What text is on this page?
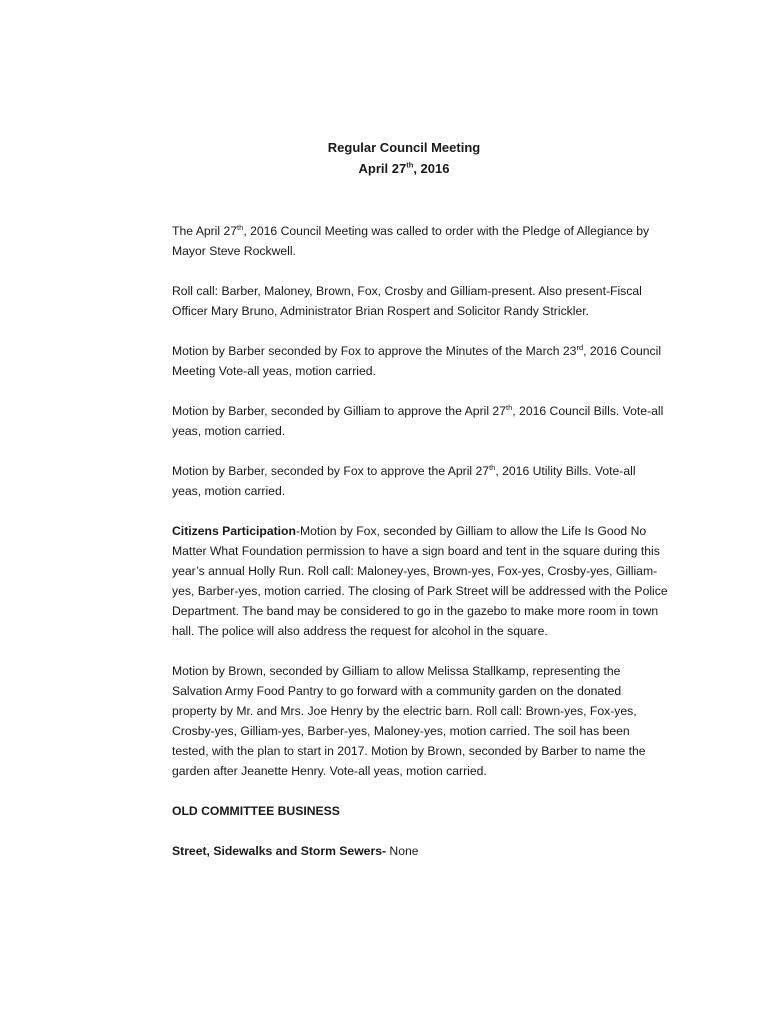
Regular Council Meeting
April 27th, 2016

The April 27th, 2016 Council Meeting was called to order with the Pledge of Allegiance by Mayor Steve Rockwell.

Roll call: Barber, Maloney, Brown, Fox, Crosby and Gilliam-present. Also present-Fiscal Officer Mary Bruno, Administrator Brian Rospert and Solicitor Randy Strickler.

Motion by Barber seconded by Fox to approve the Minutes of the March 23rd, 2016 Council Meeting Vote-all yeas, motion carried.

Motion by Barber, seconded by Gilliam to approve the April 27th, 2016 Council Bills. Vote-all yeas, motion carried.

Motion by Barber, seconded by Fox to approve the April 27th, 2016 Utility Bills. Vote-all yeas, motion carried.

Citizens Participation-Motion by Fox, seconded by Gilliam to allow the Life Is Good No Matter What Foundation permission to have a sign board and tent in the square during this year’s annual Holly Run. Roll call: Maloney-yes, Brown-yes, Fox-yes, Crosby-yes, Gilliam-yes, Barber-yes, motion carried. The closing of Park Street will be addressed with the Police Department. The band may be considered to go in the gazebo to make more room in town hall. The police will also address the request for alcohol in the square.

Motion by Brown, seconded by Gilliam to allow Melissa Stallkamp, representing the Salvation Army Food Pantry to go forward with a community garden on the donated property by Mr. and Mrs. Joe Henry by the electric barn. Roll call: Brown-yes, Fox-yes, Crosby-yes, Gilliam-yes, Barber-yes, Maloney-yes, motion carried. The soil has been tested, with the plan to start in 2017. Motion by Brown, seconded by Barber to name the garden after Jeanette Henry. Vote-all yeas, motion carried.

OLD COMMITTEE BUSINESS

Street, Sidewalks and Storm Sewers- None
